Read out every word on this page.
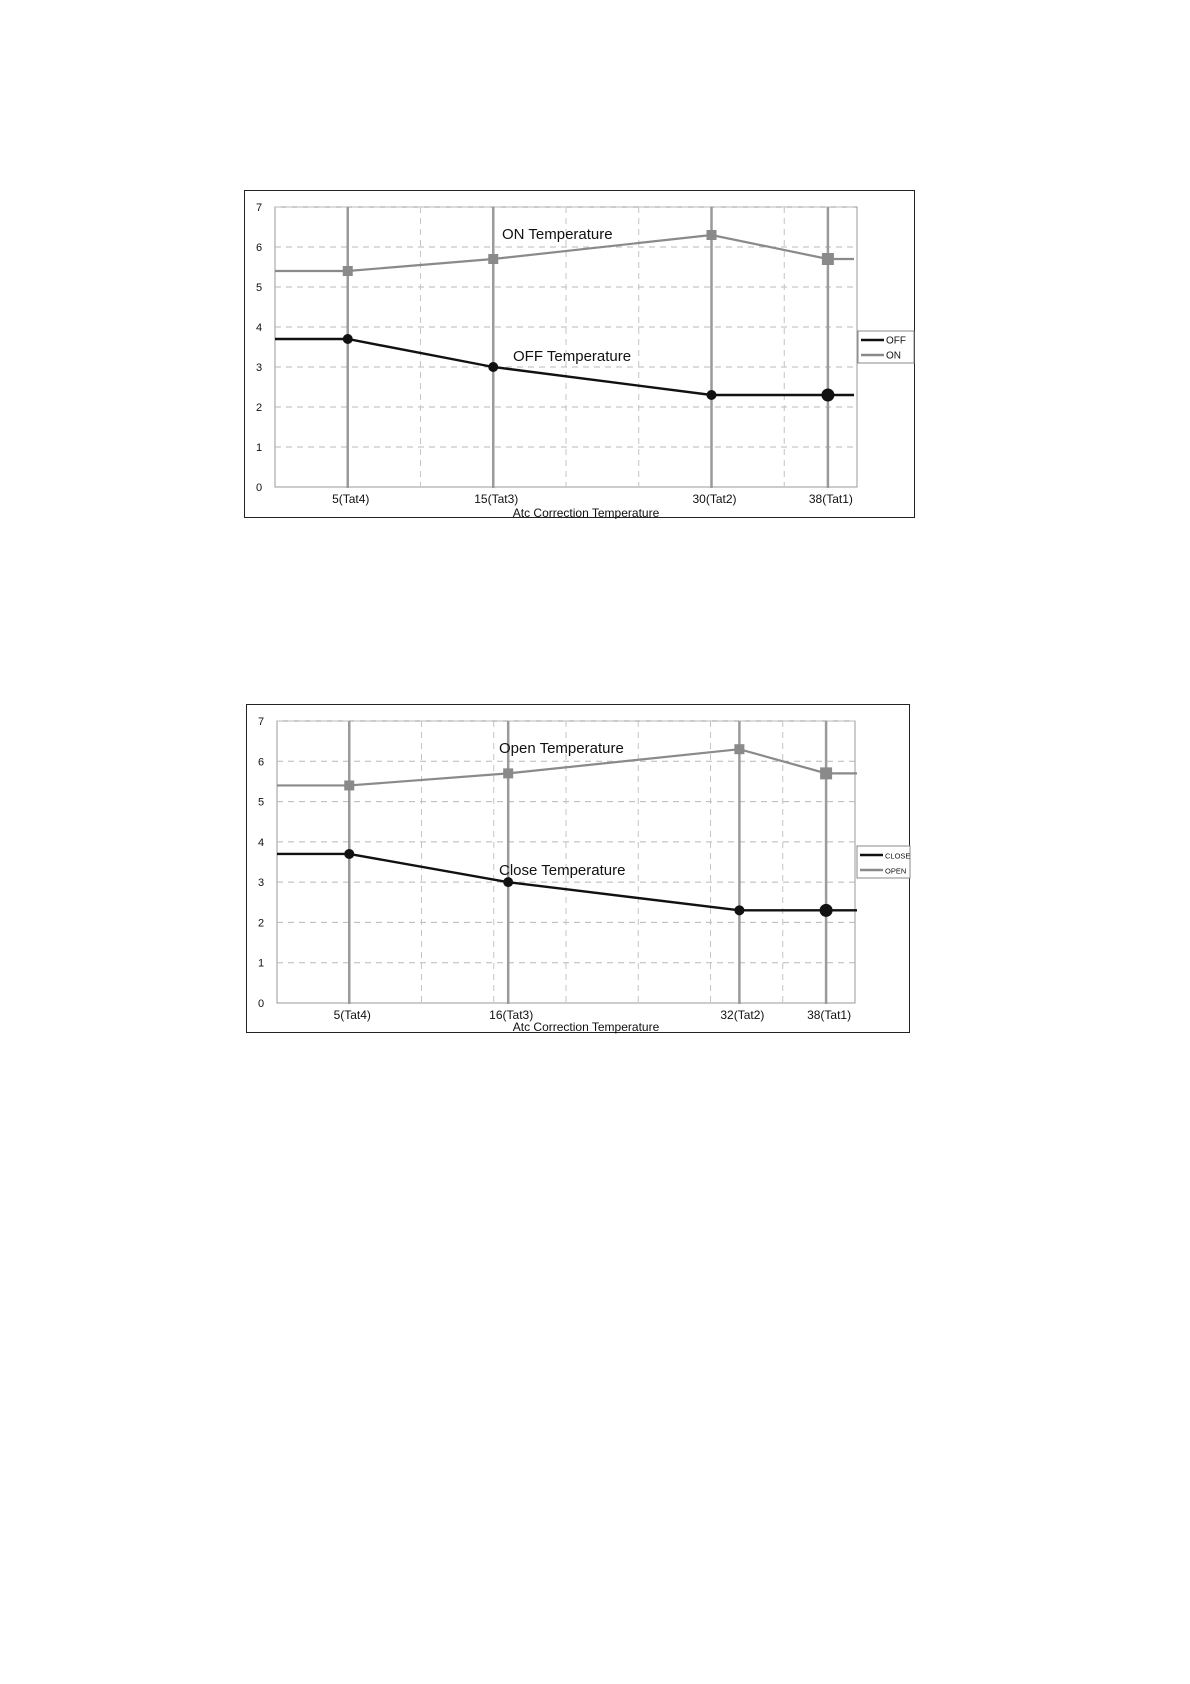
0
1
2
3
4
5
6
7
5(Tat4)	15(Tat3)	30(Tat2)	38(Tat1)
ON Temperature
OFF Temperature
Atc Correction Temperature
OFF
ON
0
1
2
3
4
5
6
7
5(Tat4)	16(Tat3)	32(Tat2)	38(Tat1)
Open Temperature
Close Temperature
Atc Correction Temperature
CLOSE
OPEN
